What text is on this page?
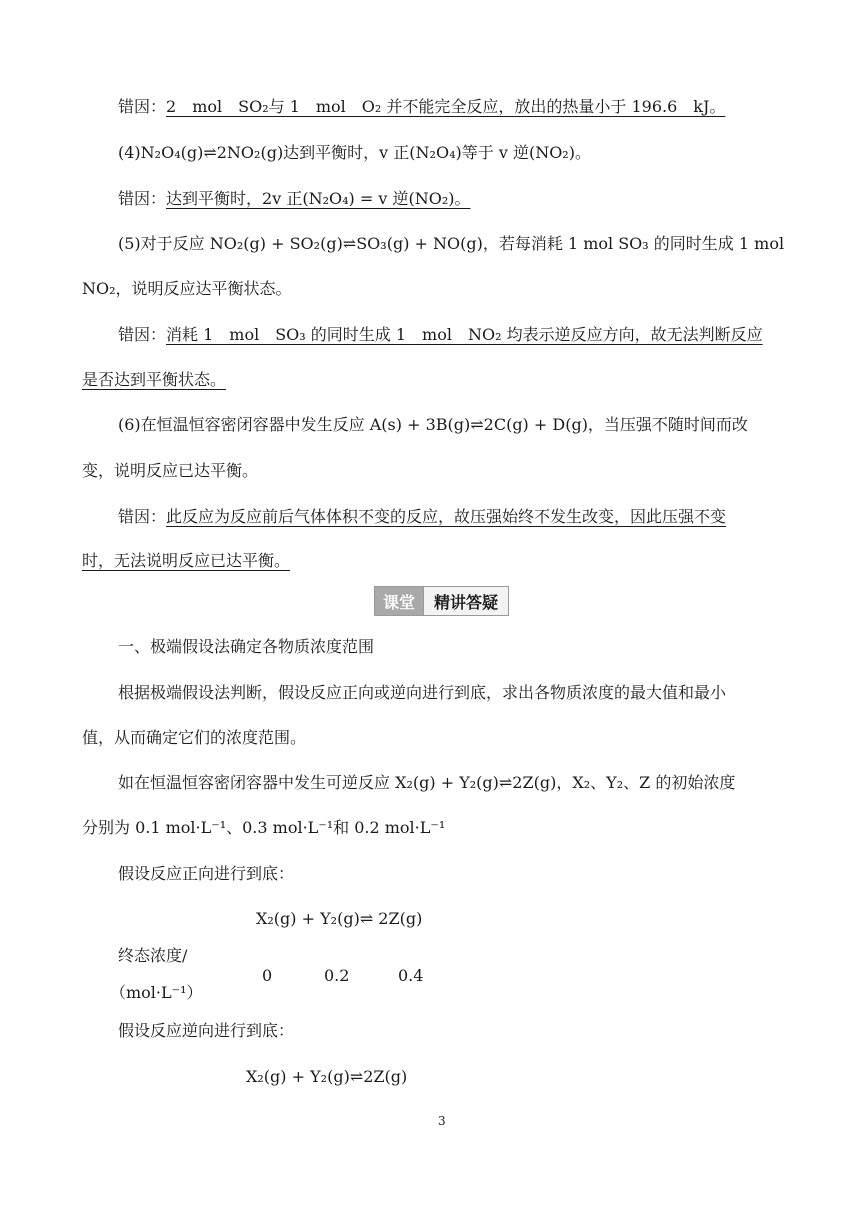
错因：2　mol　SO₂与 1　mol　O₂ 并不能完全反应，放出的热量小于 196.6　kJ。
(4)N₂O₄(g)⇌2NO₂(g)达到平衡时，v 正(N₂O₄)等于 v 逆(NO₂)。
错因：达到平衡时，2v 正(N₂O₄) = v 逆(NO₂)。
(5)对于反应 NO₂(g) + SO₂(g)⇌SO₃(g) + NO(g)，若每消耗 1 mol SO₃ 的同时生成 1 mol
NO₂，说明反应达平衡状态。
错因：消耗 1　mol　SO₃ 的同时生成 1　mol　NO₂ 均表示逆反应方向，故无法判断反应
是否达到平衡状态。
(6)在恒温恒容密闭容器中发生反应 A(s) + 3B(g)⇌2C(g) + D(g)，当压强不随时间而改
变，说明反应已达平衡。
错因：此反应为反应前后气体体积不变的反应，故压强始终不发生改变，因此压强不变
时，无法说明反应已达平衡。
课堂	精讲答疑
一、极端假设法确定各物质浓度范围
根据极端假设法判断，假设反应正向或逆向进行到底，求出各物质浓度的最大值和最小
值，从而确定它们的浓度范围。
如在恒温恒容密闭容器中发生可逆反应 X₂(g) + Y₂(g)⇌2Z(g)，X₂、Y₂、Z 的初始浓度
分别为 0.1 mol·L⁻¹、0.3 mol·L⁻¹和 0.2 mol·L⁻¹
假设反应正向进行到底：
X₂(g) + Y₂(g)⇌ 2Z(g)
终态浓度/
（mol·L⁻¹）
0	0.2	0.4
假设反应逆向进行到底：
X₂(g) + Y₂(g)⇌2Z(g)
3
